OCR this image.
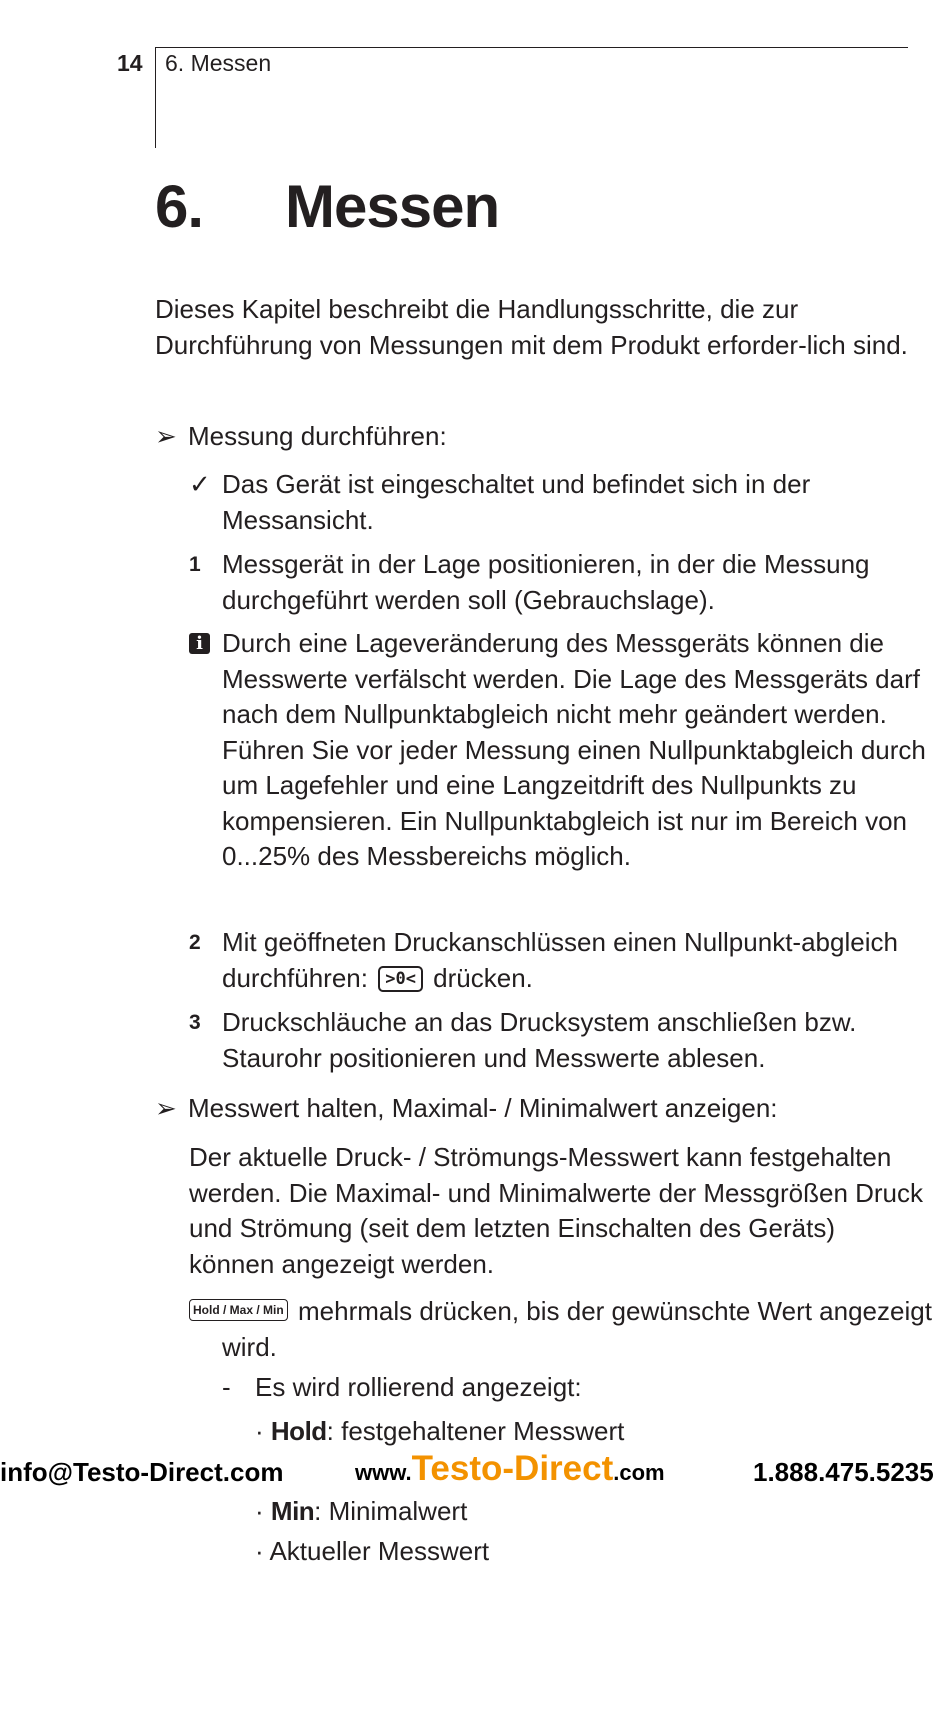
14 6. Messen
6. Messen
Dieses Kapitel beschreibt die Handlungsschritte, die zur Durchführung von Messungen mit dem Produkt erforder-lich sind.
➢ Messung durchführen:
✓ Das Gerät ist eingeschaltet und befindet sich in der Messansicht.
1 Messgerät in der Lage positionieren, in der die Messung durchgeführt werden soll (Gebrauchslage).
i Durch eine Lageveränderung des Messgeräts können die Messwerte verfälscht werden. Die Lage des Messgeräts darf nach dem Nullpunktabgleich nicht mehr geändert werden. Führen Sie vor jeder Messung einen Nullpunktabgleich durch um Lagefehler und eine Langzeitdrift des Nullpunkts zu kompensieren. Ein Nullpunktabgleich ist nur im Bereich von 0...25% des Messbereichs möglich.
2 Mit geöffneten Druckanschlüssen einen Nullpunkt-abgleich durchführen: >0< drücken.
3 Druckschläuche an das Drucksystem anschließen bzw. Staurohr positionieren und Messwerte ablesen.
➢ Messwert halten, Maximal- / Minimalwert anzeigen:
Der aktuelle Druck- / Strömungs-Messwert kann festgehalten werden. Die Maximal- und Minimalwerte der Messgrößen Druck und Strömung (seit dem letzten Einschalten des Geräts) können angezeigt werden.
Hold / Max / Min mehrmals drücken, bis der gewünschte Wert angezeigt wird.
- Es wird rollierend angezeigt:
· Hold: festgehaltener Messwert
info@Testo-Direct.com	www.Testo-Direct.com	1.888.475.5235
· Min: Minimalwert
· Aktueller Messwert
